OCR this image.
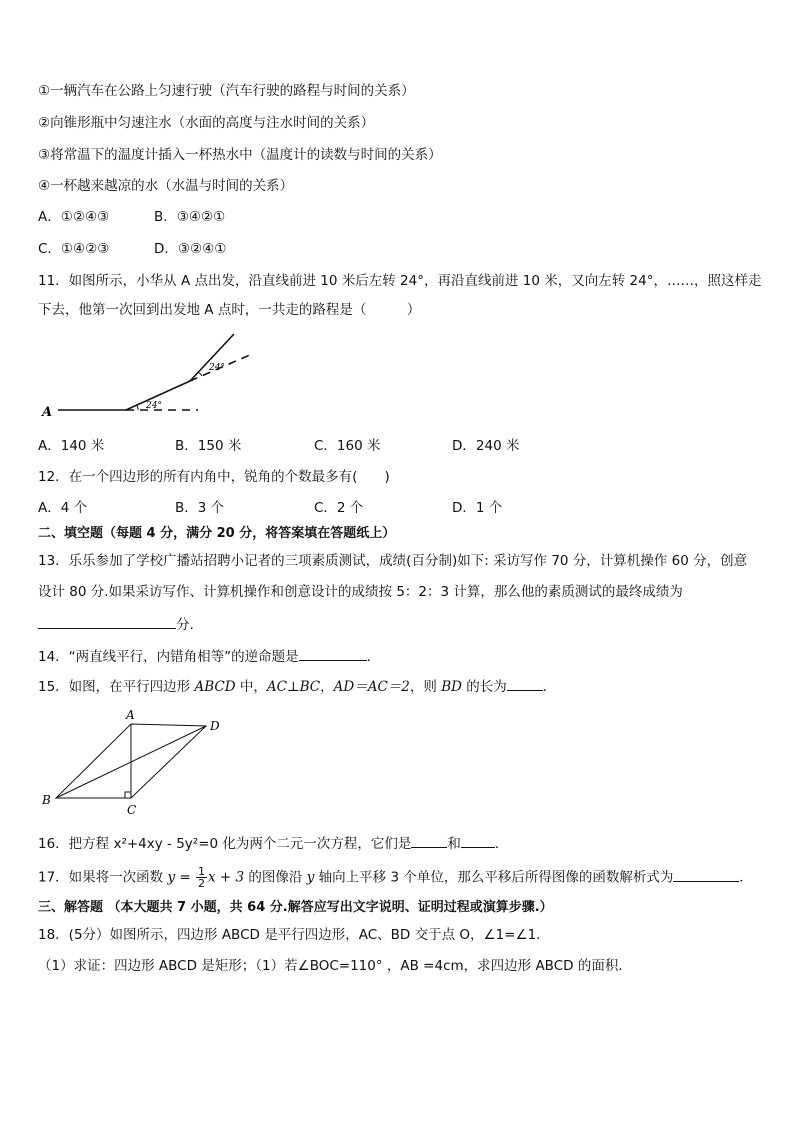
①一辆汽车在公路上匀速行驶（汽车行驶的路程与时间的关系）
②向锥形瓶中匀速注水（水面的高度与注水时间的关系）
③将常温下的温度计插入一杯热水中（温度计的读数与时间的关系）
④一杯越来越凉的水（水温与时间的关系）
A．①②④③	B．③④②①
C．①④②③	D．③②④①
11．如图所示，小华从 A 点出发，沿直线前进 10 米后左转 24°，再沿直线前进 10 米，又向左转 24°，……，照这样走
下去，他第一次回到出发地 A 点时，一共走的路程是（　　　）
A	24°
24°
A．140 米	B．150 米	C．160 米	D．240 米
12．在一个四边形的所有内角中，锐角的个数最多有(　　)
A．4 个	B．3 个	C．2 个	D．1 个
二、填空题（每题 4 分，满分 20 分，将答案填在答题纸上）
13．乐乐参加了学校广播站招聘小记者的三项素质测试，成绩(百分制)如下: 采访写作 70 分，计算机操作 60 分，创意
设计 80 分.如果采访写作、计算机操作和创意设计的成绩按 5：2：3 计算，那么他的素质测试的最终成绩为
分.
14．“两直线平行，内错角相等”的逆命题是	．
15．如图，在平行四边形 ABCD 中，AC⊥BC，AD＝AC＝2，则 BD 的长为	．
A
D
B
C
16．把方程 x²+4xy - 5y²=0 化为两个二元一次方程，它们是	和	．
17．如果将一次函数 $y = \frac{1}{2}$ x + 3 的图像沿 y 轴向上平移 3 个单位，那么平移后所得图像的函数解析式为	．
三、解答题 （本大题共 7 小题，共 64 分.解答应写出文字说明、证明过程或演算步骤.）
18．(5分）如图所示，四边形 ABCD 是平行四边形，AC、BD 交于点 O，∠1=∠1．
（1）求证：四边形 ABCD 是矩形；（1）若∠BOC=110° ，AB =4cm，求四边形 ABCD 的面积．
